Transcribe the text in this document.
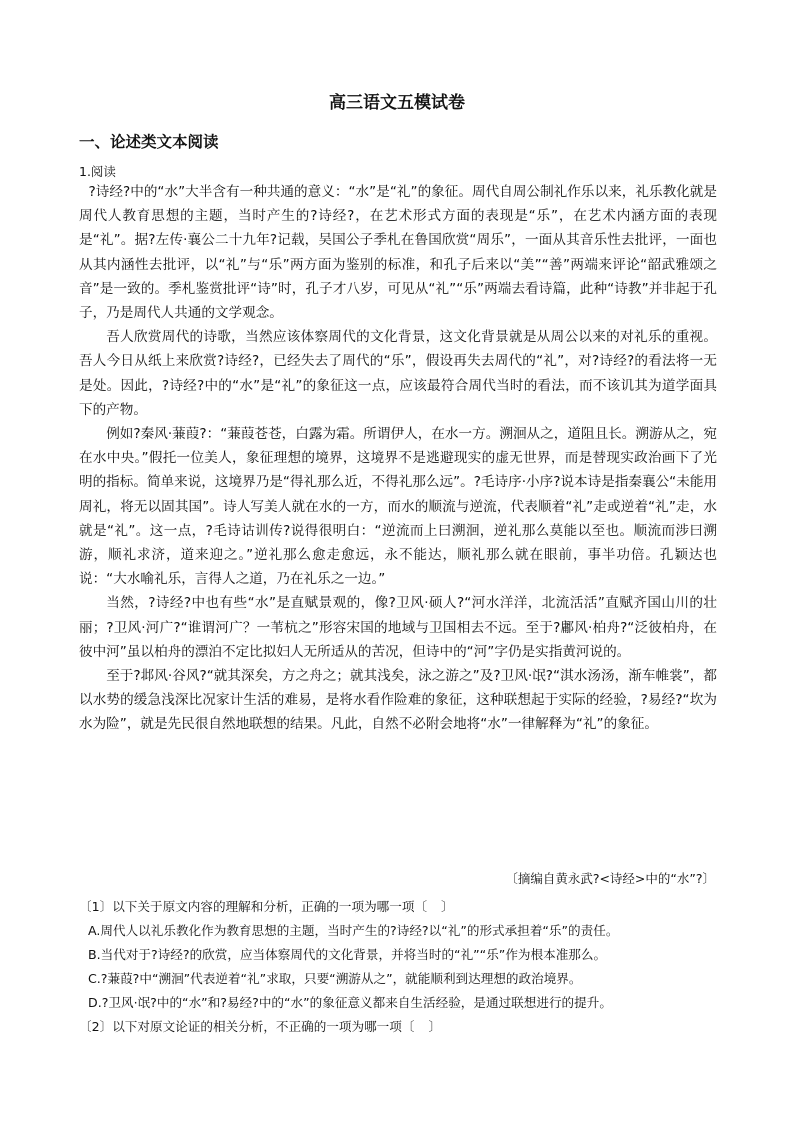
高三语文五模试卷
一、论述类文本阅读
1.阅读

?诗经?中的“水”大半含有一种共通的意义：“水”是“礼”的象征。周代自周公制礼作乐以来，礼乐教化就是周代人教育思想的主题，当时产生的?诗经?，在艺术形式方面的表现是“乐”，在艺术内涵方面的表现是“礼”。据?左传·襄公二十九年?记载，吴国公子季札在鲁国欣赏“周乐”，一面从其音乐性去批评，一面也从其内涵性去批评，以“礼”与“乐”两方面为鉴别的标准，和孔子后来以“美”“善”两端来评论“韶武雅颂之音”是一致的。季札鉴赏批评“诗”时，孔子才八岁，可见从“礼”“乐”两端去看诗篇，此种“诗教”并非起于孔子，乃是周代人共通的文学观念。

吾人欣赏周代的诗歌，当然应该体察周代的文化背景，这文化背景就是从周公以来的对礼乐的重视。吾人今日从纸上来欣赏?诗经?，已经失去了周代的“乐”，假设再失去周代的“礼”，对?诗经?的看法将一无是处。因此，?诗经?中的“水”是“礼”的象征这一点，应该最符合周代当时的看法，而不该讥其为道学面具下的产物。

例如?秦风·蒹葭?：“蒹葭苍苍，白露为霜。所谓伊人，在水一方。溯洄从之，道阻且长。溯游从之，宛在水中央。”假托一位美人，象征理想的境界，这境界不是逃避现实的虚无世界，而是替现实政治画下了光明的指标。简单来说，这境界乃是“得礼那么近，不得礼那么远”。?毛诗序·小序?说本诗是指秦襄公“未能用周礼，将无以固其国”。诗人写美人就在水的一方，而水的顺流与逆流，代表顺着“礼”走或逆着“礼”走，水就是“礼”。这一点，?毛诗诂训传?说得很明白：“逆流而上曰溯洄，逆礼那么莫能以至也。顺流而涉曰溯游，顺礼求济，道来迎之。”逆礼那么愈走愈远，永不能达，顺礼那么就在眼前，事半功倍。孔颖达也说：“大水喻礼乐，言得人之道，乃在礼乐之一边。”

当然，?诗经?中也有些“水”是直赋景观的，像?卫风·硕人?“河水洋洋，北流活活”直赋齐国山川的壮丽；?卫风·河广?“谁谓河广？一苇杭之”形容宋国的地域与卫国相去不远。至于?鄘风·柏舟?“泛彼柏舟，在彼中河”虽以柏舟的漂泊不定比拟妇人无所适从的苦况，但诗中的“河”字仍是实指黄河说的。

至于?邶风·谷风?“就其深矣，方之舟之；就其浅矣，泳之游之”及?卫风·氓?“淇水汤汤，渐车帷裳”，都以水势的缓急浅深比况家计生活的难易，是将水看作险难的象征，这种联想起于实际的经验，?易经?“坎为水为险”，就是先民很自然地联想的结果。凡此，自然不必附会地将“水”一律解释为“礼”的象征。

〔摘编自黄永武?<诗经>中的“水”?〕
〔1〕以下关于原文内容的理解和分析，正确的一项为哪一项〔 〕
A.周代人以礼乐教化作为教育思想的主题，当时产生的?诗经?以“礼”的形式承担着“乐”的责任。
B.当代对于?诗经?的欣赏，应当体察周代的文化背景，并将当时的“礼”“乐”作为根本准那么。
C.?蒹葭?中“溯洄”代表逆着“礼”求取，只要“溯游从之”，就能顺利到达理想的政治境界。
D.?卫风·氓?中的“水”和?易经?中的“水”的象征意义都来自生活经验，是通过联想进行的提升。
〔2〕以下对原文论证的相关分析，不正确的一项为哪一项〔 〕
